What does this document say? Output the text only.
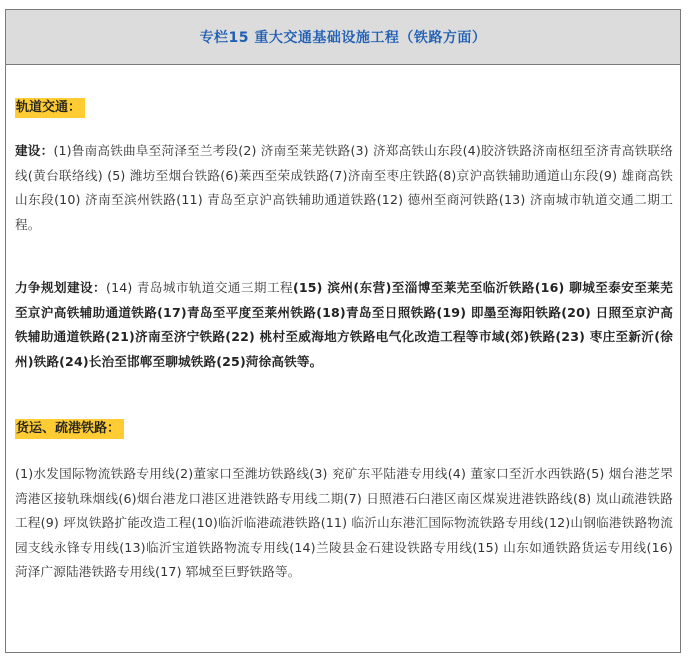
专栏15 重大交通基础设施工程（铁路方面）
轨道交通：
建设：(1)鲁南高铁曲阜至菏泽至兰考段(2) 济南至莱芜铁路(3) 济郑高铁山东段(4)胶济铁路济南枢纽至济青高铁联络线(黄台联络线) (5) 潍坊至烟台铁路(6)莱西至荣成铁路(7)济南至枣庄铁路(8)京沪高铁辅助通道山东段(9) 雄商高铁山东段(10) 济南至滨州铁路(11) 青岛至京沪高铁辅助通道铁路(12) 德州至商河铁路(13) 济南城市轨道交通二期工程。
力争规划建设：(14) 青岛城市轨道交通三期工程(15) 滨州(东营)至淄博至莱芜至临沂铁路(16) 聊城至泰安至莱芜至京沪高铁辅助通道铁路(17)青岛至平度至莱州铁路(18)青岛至日照铁路(19) 即墨至海阳铁路(20) 日照至京沪高铁辅助通道铁路(21)济南至济宁铁路(22) 桃村至威海地方铁路电气化改造工程等市域(郊)铁路(23) 枣庄至新沂(徐州)铁路(24)长治至邯郸至聊城铁路(25)菏徐高铁等。
货运、疏港铁路：
(1)水发国际物流铁路专用线(2)董家口至潍坊铁路线(3) 兖矿东平陆港专用线(4) 董家口至沂水西铁路(5) 烟台港芝罘湾港区接轨珠烟线(6)烟台港龙口港区进港铁路专用线二期(7) 日照港石臼港区南区煤炭进港铁路线(8) 岚山疏港铁路工程(9) 坪岚铁路扩能改造工程(10)临沂临港疏港铁路(11) 临沂山东港汇国际物流铁路专用线(12)山钢临港铁路物流园支线永锋专用线(13)临沂宝道铁路物流专用线(14)兰陵县金石建设铁路专用线(15) 山东如通铁路货运专用线(16) 菏泽广源陆港铁路专用线(17) 郓城至巨野铁路等。
